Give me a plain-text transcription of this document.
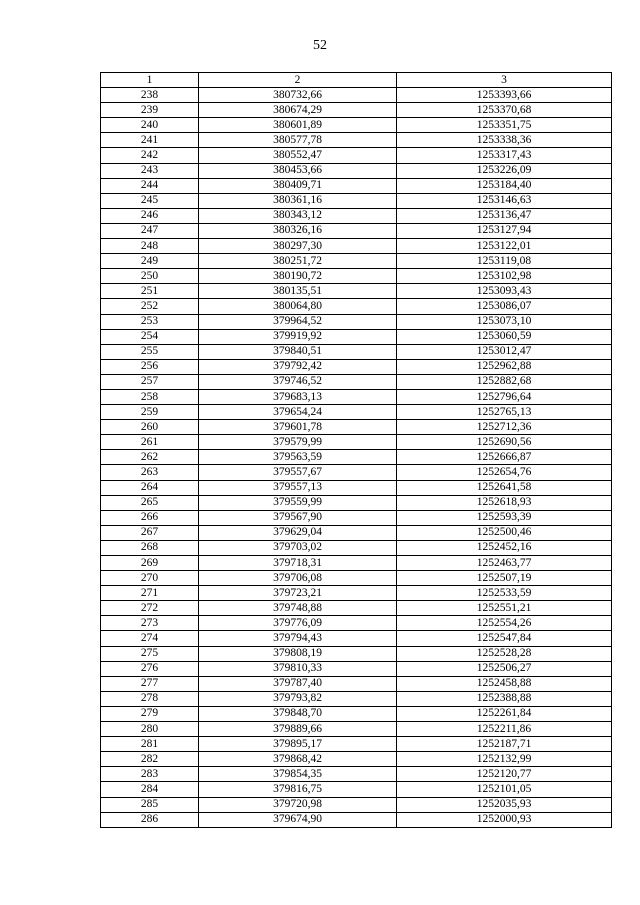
52
1	2	3
238	380732,66	1253393,66
239	380674,29	1253370,68
240	380601,89	1253351,75
241	380577,78	1253338,36
242	380552,47	1253317,43
243	380453,66	1253226,09
244	380409,71	1253184,40
245	380361,16	1253146,63
246	380343,12	1253136,47
247	380326,16	1253127,94
248	380297,30	1253122,01
249	380251,72	1253119,08
250	380190,72	1253102,98
251	380135,51	1253093,43
252	380064,80	1253086,07
253	379964,52	1253073,10
254	379919,92	1253060,59
255	379840,51	1253012,47
256	379792,42	1252962,88
257	379746,52	1252882,68
258	379683,13	1252796,64
259	379654,24	1252765,13
260	379601,78	1252712,36
261	379579,99	1252690,56
262	379563,59	1252666,87
263	379557,67	1252654,76
264	379557,13	1252641,58
265	379559,99	1252618,93
266	379567,90	1252593,39
267	379629,04	1252500,46
268	379703,02	1252452,16
269	379718,31	1252463,77
270	379706,08	1252507,19
271	379723,21	1252533,59
272	379748,88	1252551,21
273	379776,09	1252554,26
274	379794,43	1252547,84
275	379808,19	1252528,28
276	379810,33	1252506,27
277	379787,40	1252458,88
278	379793,82	1252388,88
279	379848,70	1252261,84
280	379889,66	1252211,86
281	379895,17	1252187,71
282	379868,42	1252132,99
283	379854,35	1252120,77
284	379816,75	1252101,05
285	379720,98	1252035,93
286	379674,90	1252000,93
